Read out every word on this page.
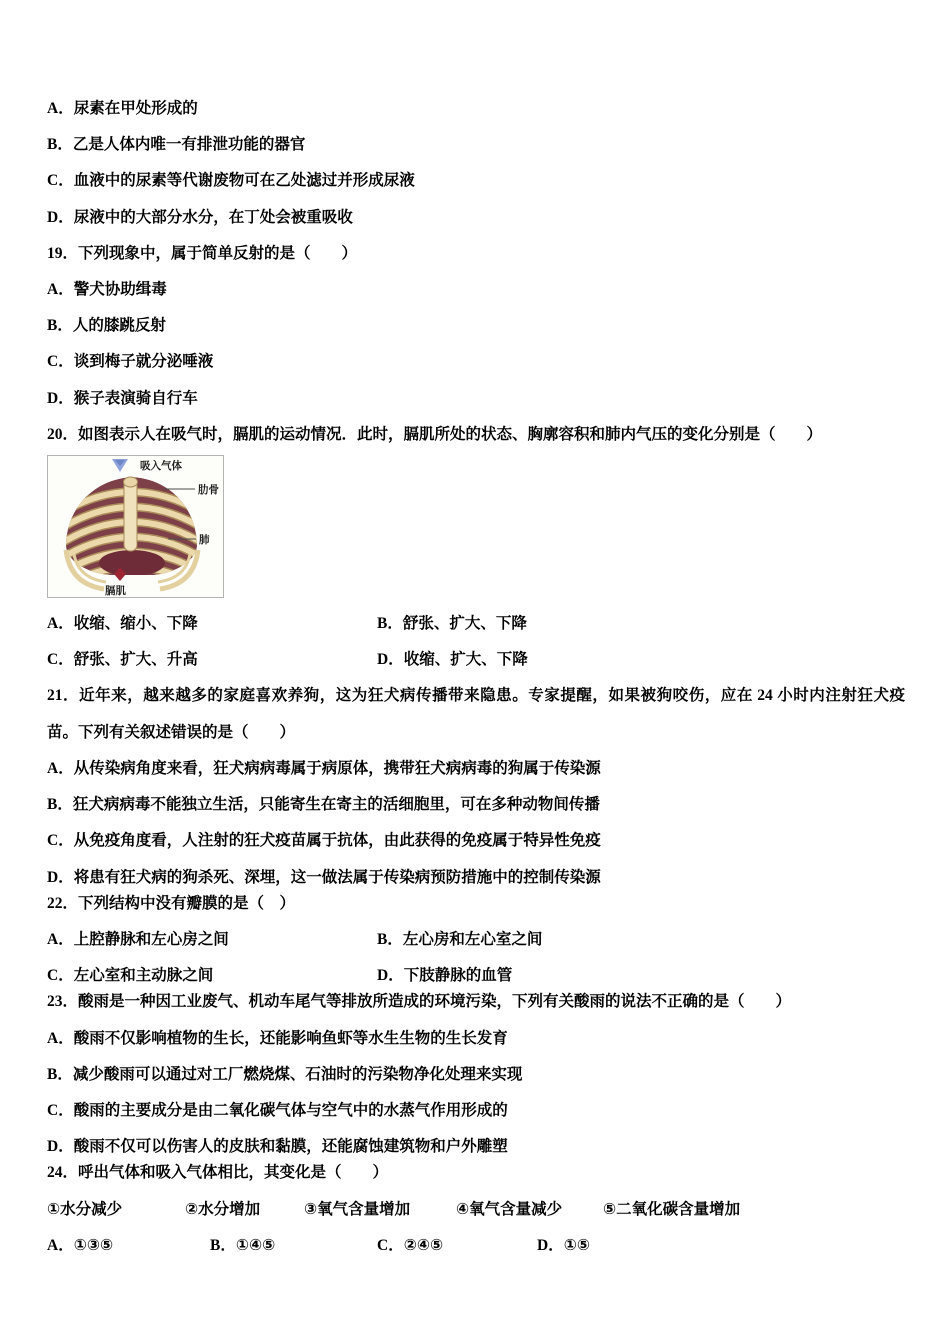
A．尿素在甲处形成的
B．乙是人体内唯一有排泄功能的器官
C．血液中的尿素等代谢废物可在乙处滤过并形成尿液
D．尿液中的大部分水分，在丁处会被重吸收
19．下列现象中，属于简单反射的是（　　）
A．警犬协助缉毒
B．人的膝跳反射
C．谈到梅子就分泌唾液
D．猴子表演骑自行车
20．如图表示人在吸气时，膈肌的运动情况．此时，膈肌所处的状态、胸廓容积和肺内气压的变化分别是（　　）
吸入气体
肋骨
肺
膈肌
A．收缩、缩小、下降	B．舒张、扩大、下降
C．舒张、扩大、升高	D．收缩、扩大、下降
21．近年来，越来越多的家庭喜欢养狗，这为狂犬病传播带来隐患。专家提醒，如果被狗咬伤，应在 24 小时内注射狂犬疫苗。下列有关叙述错误的是（　　）
A．从传染病角度来看，狂犬病病毒属于病原体，携带狂犬病病毒的狗属于传染源
B．狂犬病病毒不能独立生活，只能寄生在寄主的活细胞里，可在多种动物间传播
C．从免疫角度看，人注射的狂犬疫苗属于抗体，由此获得的免疫属于特异性免疫
D．将患有狂犬病的狗杀死、深埋，这一做法属于传染病预防措施中的控制传染源
22．下列结构中没有瓣膜的是（　）
A．上腔静脉和左心房之间	B．左心房和左心室之间
C．左心室和主动脉之间	D．下肢静脉的血管
23．酸雨是一种因工业废气、机动车尾气等排放所造成的环境污染，下列有关酸雨的说法不正确的是（　　）
A．酸雨不仅影响植物的生长，还能影响鱼虾等水生生物的生长发育
B．减少酸雨可以通过对工厂燃烧煤、石油时的污染物净化处理来实现
C．酸雨的主要成分是由二氧化碳气体与空气中的水蒸气作用形成的
D．酸雨不仅可以伤害人的皮肤和黏膜，还能腐蚀建筑物和户外雕塑
24．呼出气体和吸入气体相比，其变化是（　　）
①水分减少	②水分增加	③氧气含量增加	④氧气含量减少	⑤二氧化碳含量增加
A．①③⑤	B．①④⑤	C．②④⑤	D．①⑤
